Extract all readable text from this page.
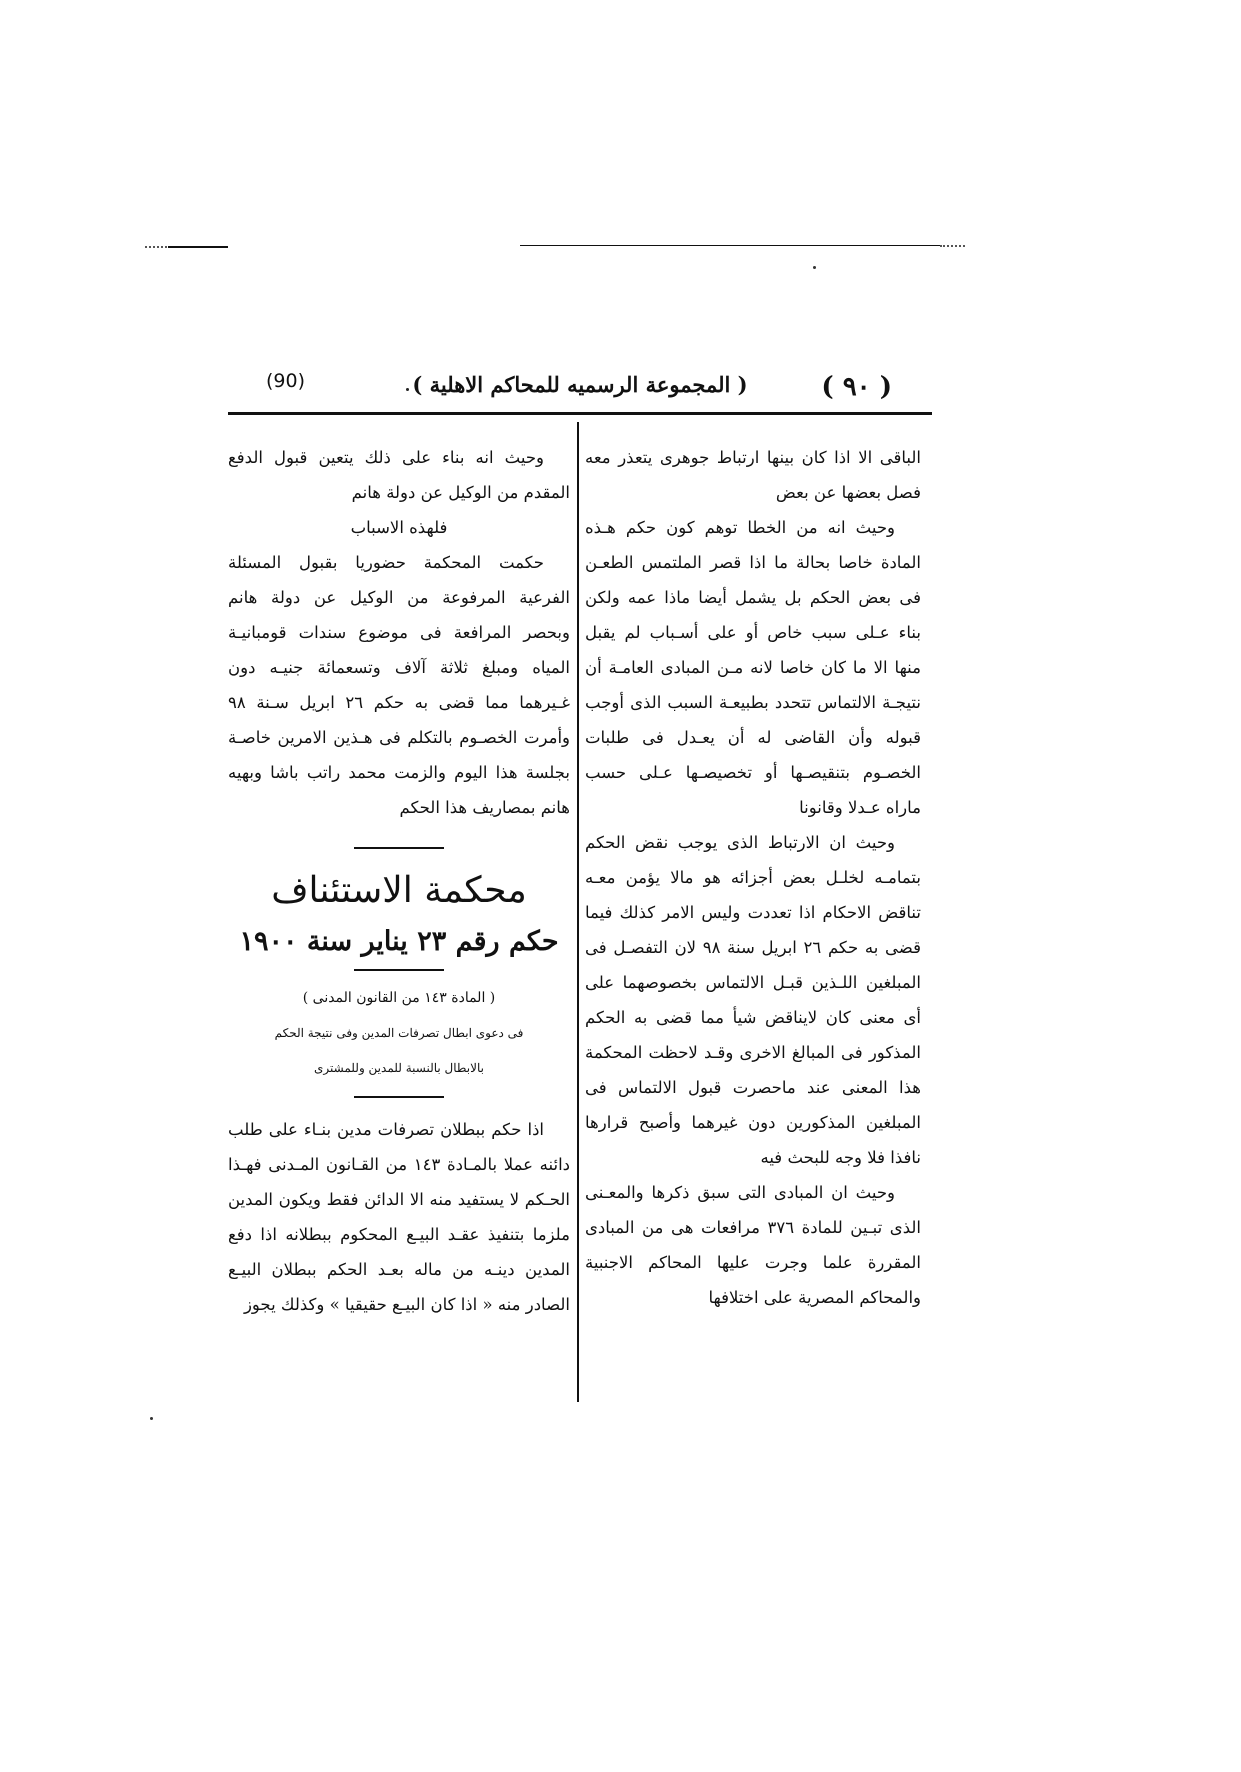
( ٩٠ )
( المجموعة الرسميه للمحاكم الاهلية )
(90)

الباقى الا اذا كان بينها ارتباط جوهرى يتعذر معه فصل بعضها عن بعض

وحيث انه من الخطا توهم كون حكم هـذه المادة خاصا بحالة ما اذا قصر الملتمس الطعـن فى بعض الحكم بل يشمل أيضا ماذا عمه ولكن بناء عـلى سبب خاص أو على أسـباب لم يقبل منها الا ما كان خاصا لانه مـن المبادى العامـة أن نتيجـة الالتماس تتحدد بطبيعـة السبب الذى أوجب قبوله وأن القاضى له أن يعـدل فى طلبات الخصـوم بتنقيصـها أو تخصيصـها عـلى حسب ماراه عـدلا وقانونا

وحيث ان الارتباط الذى يوجب نقض الحكم بتمامـه لخلـل بعض أجزائه هو مالا يؤمن معـه تناقض الاحكام اذا تعددت وليس الامر كذلك فيما قضى به حكم ٢٦ ابريل سنة ٩٨ لان التفصـل فى المبلغين اللـذين قبـل الالتماس بخصوصهما على أى معنى كان لايناقض شيأ مما قضى به الحكم المذكور فى المبالغ الاخرى وقـد لاحظت المحكمة هذا المعنى عند ماحصرت قبول الالتماس فى المبلغين المذكورين دون غيرهما وأصبح قرارها نافذا فلا وجه للبحث فيه

وحيث ان المبادى التى سبق ذكرها والمعـنى الذى تبـين للمادة ٣٧٦ مرافعات هى من المبادى المقررة علما وجرت عليها المحاكم الاجنبية والمحاكم المصرية على اختلافها

وحيث انه بناء على ذلك يتعين قبول الدفع المقدم من الوكيل عن دولة هانم

فلهذه الاسباب

حكمت المحكمة حضوريا بقبول المسئلة الفرعية المرفوعة من الوكيل عن دولة هانم وبحصر المرافعة فى موضوع سندات قومبانيـة المياه ومبلغ ثلاثة آلاف وتسعمائة جنيـه دون غـيرهما مما قضى به حكم ٢٦ ابريل سـنة ٩٨ وأمرت الخصـوم بالتكلم فى هـذين الامرين خاصـة بجلسة هذا اليوم والزمت محمد راتب باشا وبهيه هانم بمصاريف هذا الحكم

محكمة الاستئناف

حكم رقم ٢٣ يناير سنة ١٩٠٠

( المادة ١٤٣ من القانون المدنى )

فى دعوى ابطال تصرفات المدين وفى نتيجة الحكم

بالابطال بالنسبة للمدين وللمشترى

اذا حكم ببطلان تصرفات مدين بنـاء على طلب دائنه عملا بالمـادة ١٤٣ من القـانون المـدنى فهـذا الحـكم لا يستفيد منه الا الدائن فقط ويكون المدين ملزما بتنفيذ عقـد البيـع المحكوم ببطلانه اذا دفع المدين دينـه من ماله بعـد الحكم ببطلان البيـع الصادر منه « اذا كان البيـع حقيقيا » وكذلك يجوز
